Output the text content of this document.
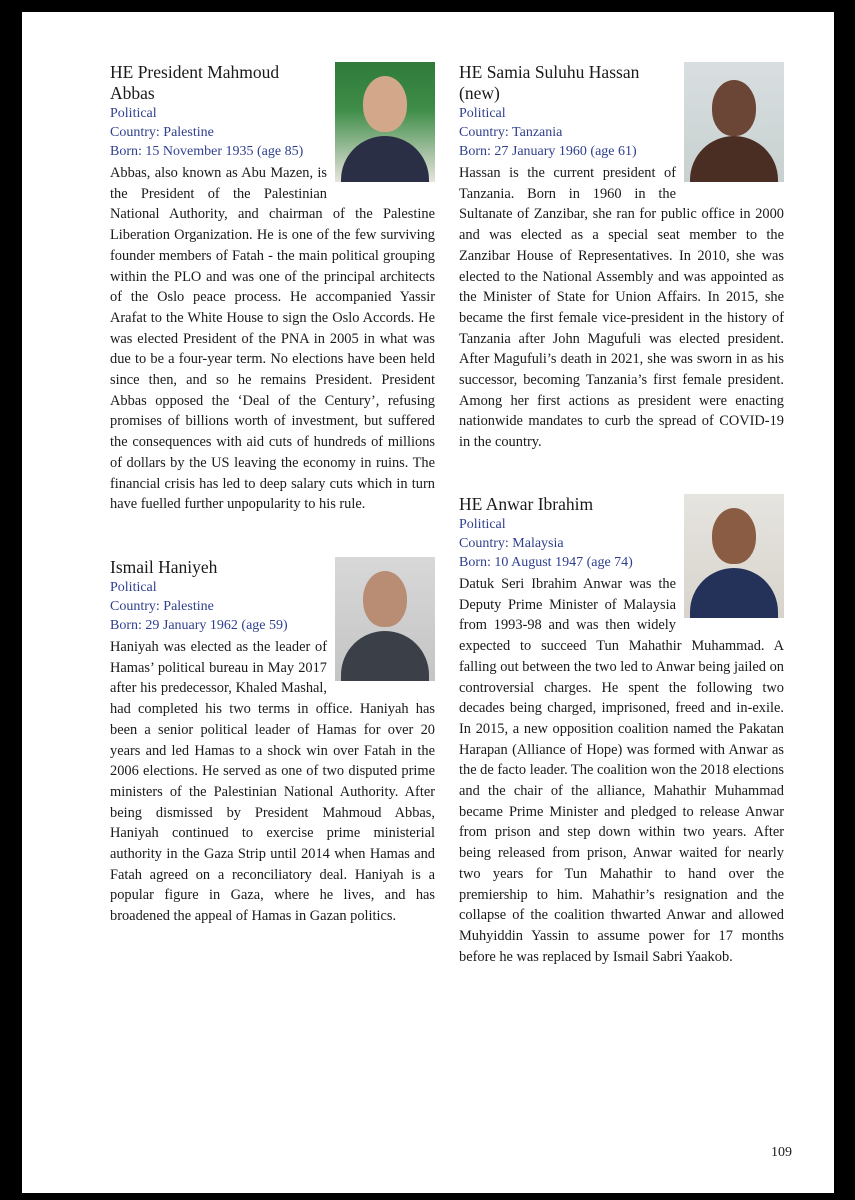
HE President Mahmoud Abbas

Political

Country: Palestine

Born: 15 November 1935 (age 85)

Abbas, also known as Abu Mazen, is the President of the Palestinian National Authority, and chairman of the Palestine Liberation Organization. He is one of the few surviving founder members of Fatah - the main political grouping within the PLO and was one of the principal architects of the Oslo peace process. He accompanied Yassir Arafat to the White House to sign the Oslo Accords. He was elected President of the PNA in 2005 in what was due to be a four-year term. No elections have been held since then, and so he remains President. President Abbas opposed the ‘Deal of the Century’, refusing promises of billions worth of investment, but suffered the consequences with aid cuts of hundreds of millions of dollars by the US leaving the economy in ruins. The financial crisis has led to deep salary cuts which in turn have fuelled further unpopularity to his rule.

Ismail Haniyeh

Political

Country: Palestine

Born: 29 January 1962 (age 59)

Haniyah was elected as the leader of Hamas’ political bureau in May 2017 after his predecessor, Khaled Mashal, had completed his two terms in office. Haniyah has been a senior political leader of Hamas for over 20 years and led Hamas to a shock win over Fatah in the 2006 elections. He served as one of two disputed prime ministers of the Palestinian National Authority. After being dismissed by President Mahmoud Abbas, Haniyah continued to exercise prime ministerial authority in the Gaza Strip until 2014 when Hamas and Fatah agreed on a reconciliatory deal. Haniyah is a popular figure in Gaza, where he lives, and has broadened the appeal of Hamas in Gazan politics.

HE Samia Suluhu Hassan (new)

Political

Country: Tanzania

Born: 27 January 1960 (age 61)

Hassan is the current president of Tanzania. Born in 1960 in the Sultanate of Zanzibar, she ran for public office in 2000 and was elected as a special seat member to the Zanzibar House of Representatives. In 2010, she was elected to the National Assembly and was appointed as the Minister of State for Union Affairs. In 2015, she became the first female vice-president in the history of Tanzania after John Magufuli was elected president. After Magufuli’s death in 2021, she was sworn in as his successor, becoming Tanzania’s first female president. Among her first actions as president were enacting nationwide mandates to curb the spread of COVID-19 in the country.

HE Anwar Ibrahim

Political

Country: Malaysia

Born: 10 August 1947 (age 74)

Datuk Seri Ibrahim Anwar was the Deputy Prime Minister of Malaysia from 1993-98 and was then widely expected to succeed Tun Mahathir Muhammad. A falling out between the two led to Anwar being jailed on controversial charges. He spent the following two decades being charged, imprisoned, freed and in-exile. In 2015, a new opposition coalition named the Pakatan Harapan (Alliance of Hope) was formed with Anwar as the de facto leader. The coalition won the 2018 elections and the chair of the alliance, Mahathir Muhammad became Prime Minister and pledged to release Anwar from prison and step down within two years. After being released from prison, Anwar waited for nearly two years for Tun Mahathir to hand over the premiership to him. Mahathir’s resignation and the collapse of the coalition thwarted Anwar and allowed Muhyiddin Yassin to assume power for 17 months before he was replaced by Ismail Sabri Yaakob.

109
